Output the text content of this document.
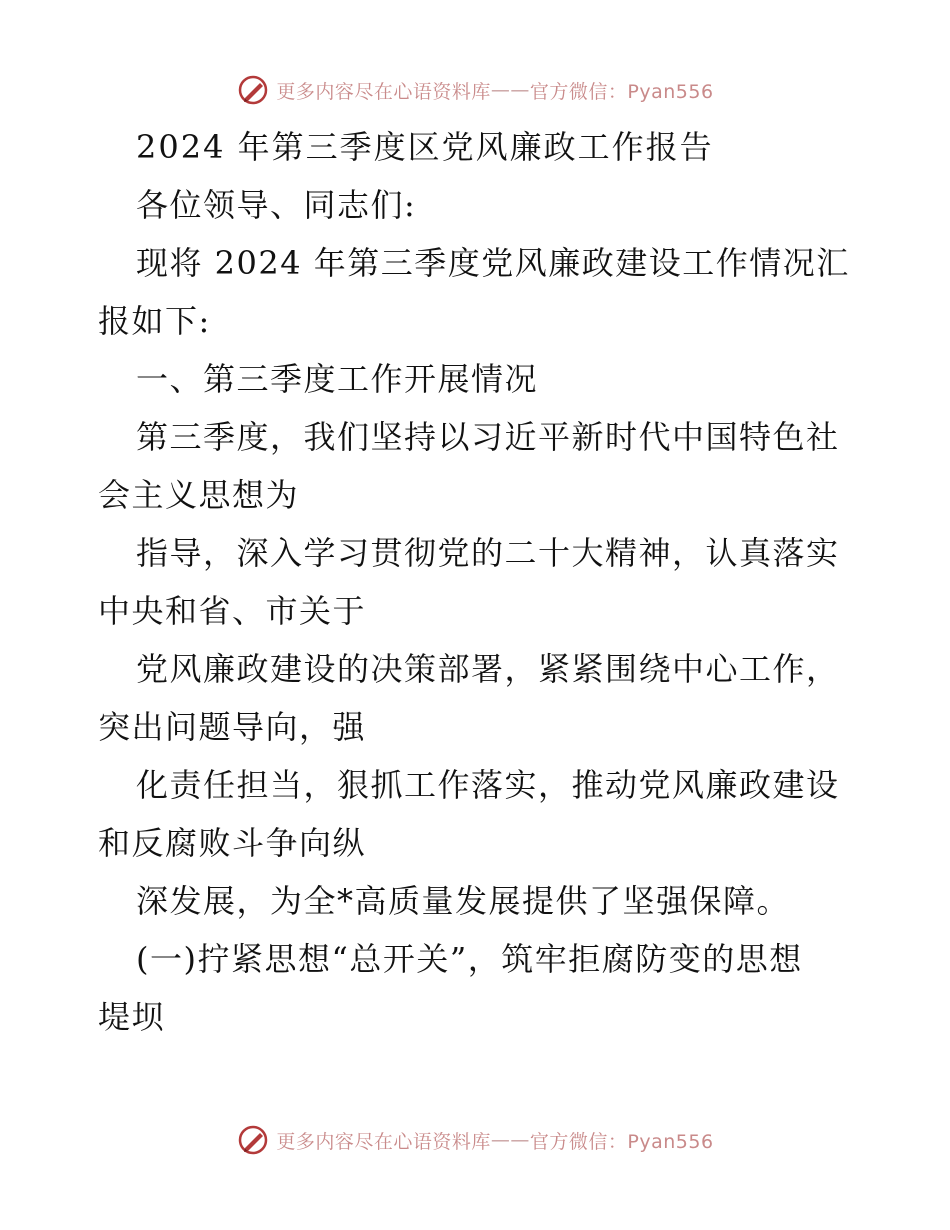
更多内容尽在心语资料库 —— 官方微信：Pyan556
2024 年第三季度区党风廉政工作报告
各位领导、同志们:
现将 2024 年第三季度党风廉政建设工作情况汇
报如下:
一、第三季度工作开展情况
第三季度，我们坚持以习近平新时代中国特色社
会主义思想为
指导，深入学习贯彻党的二十大精神，认真落实
中央和省、市关于
党风廉政建设的决策部署，紧紧围绕中心工作，
突出问题导向，强
化责任担当，狠抓工作落实，推动党风廉政建设
和反腐败斗争向纵
深发展，为全*高质量发展提供了坚强保障。
(一)拧紧思想“总开关”，筑牢拒腐防变的思想
堤坝
更多内容尽在心语资料库 —— 官方微信：Pyan556
